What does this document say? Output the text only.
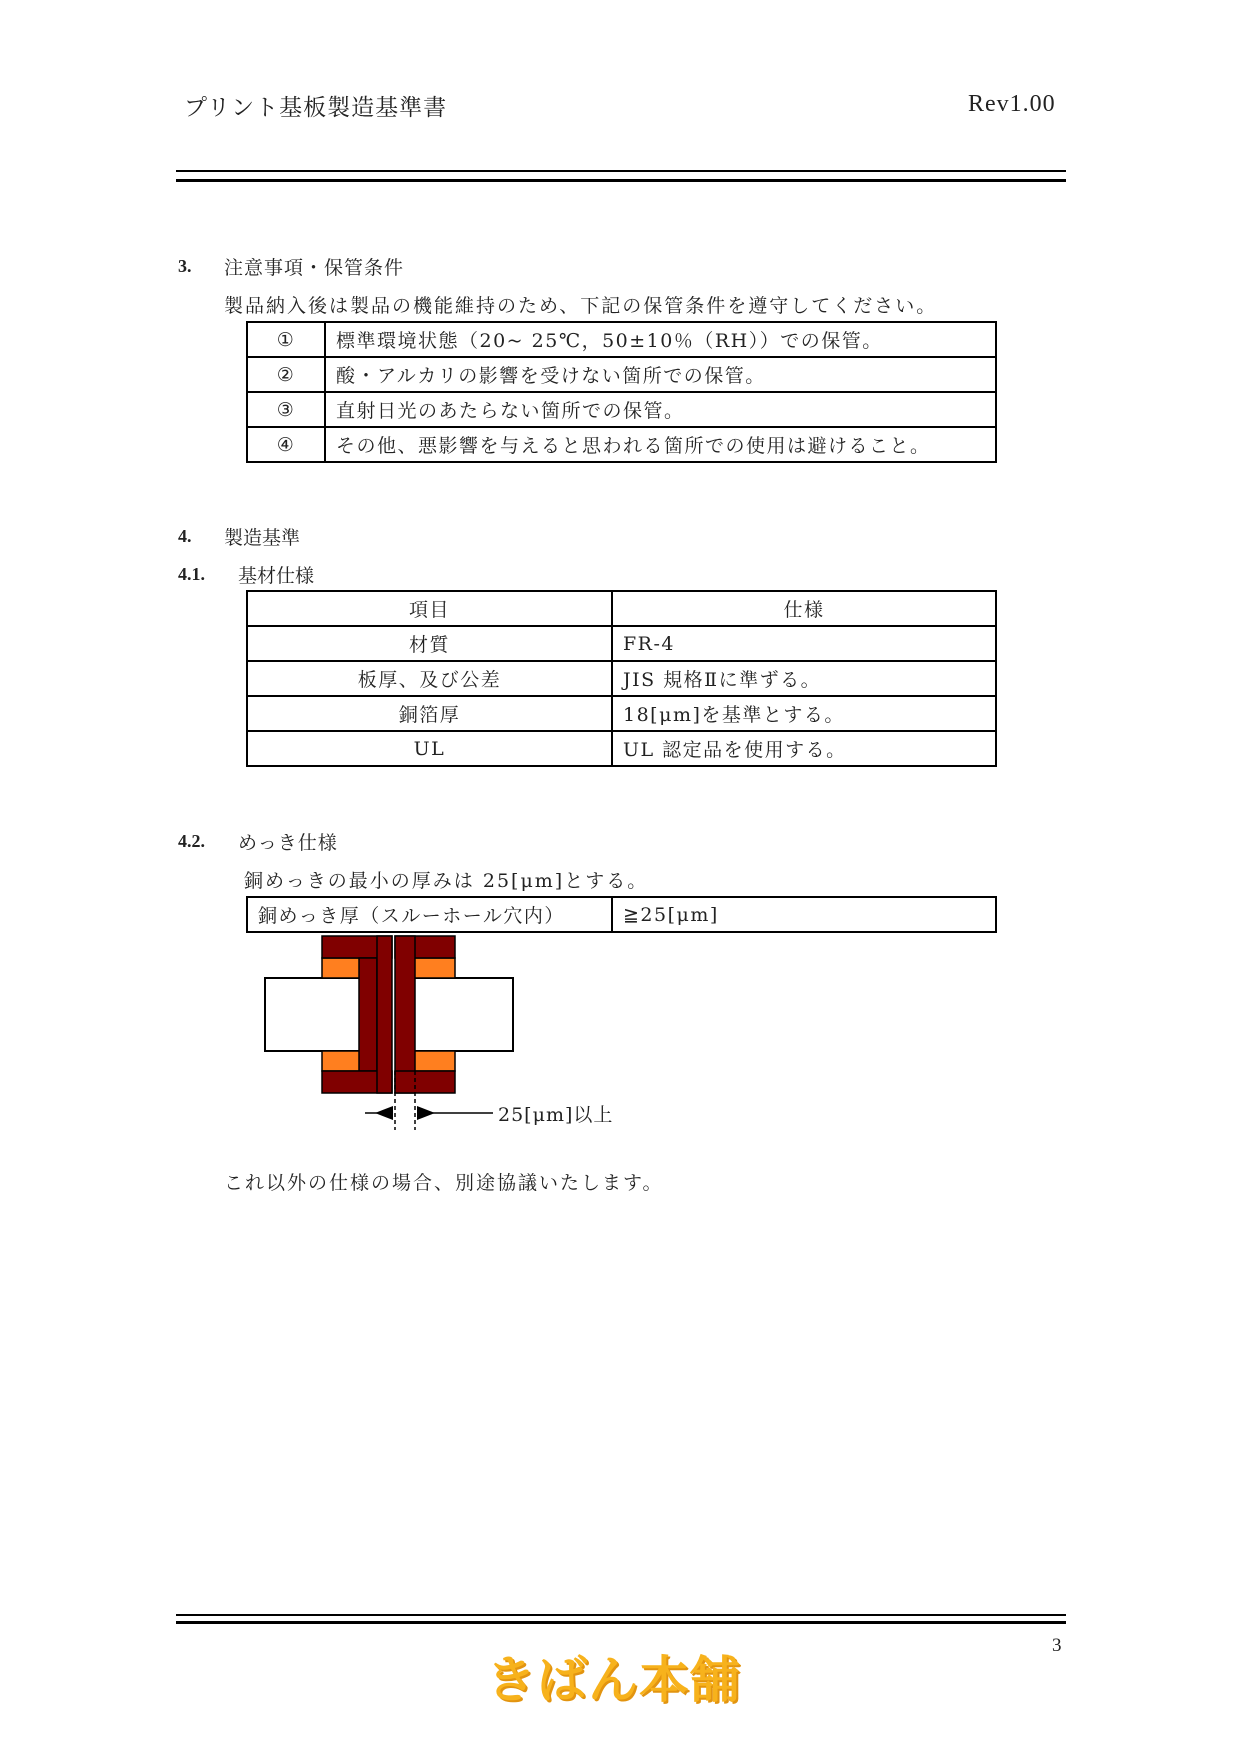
プリント基板製造基準書	Rev1.00
3. 注意事項・保管条件
製品納入後は製品の機能維持のため、下記の保管条件を遵守してください。
①	標準環境状態（20~ 25℃，50±10％（RH））での保管。
②	酸・アルカリの影響を受けない箇所での保管。
③	直射日光のあたらない箇所での保管。
④	その他、悪影響を与えると思われる箇所での使用は避けること。
4. 製造基準
4.1. 基材仕様
項目	仕様
材質	FR-4
板厚、及び公差	JIS 規格Ⅱに準ずる。
銅箔厚	18[μm]を基準とする。
UL	UL 認定品を使用する。
4.2. めっき仕様
銅めっきの最小の厚みは 25[μm]とする。
銅めっき厚（スルーホール穴内）	≧25[μm]
25[μm]以上
これ以外の仕様の場合、別途協議いたします。
3
きばん本舗
